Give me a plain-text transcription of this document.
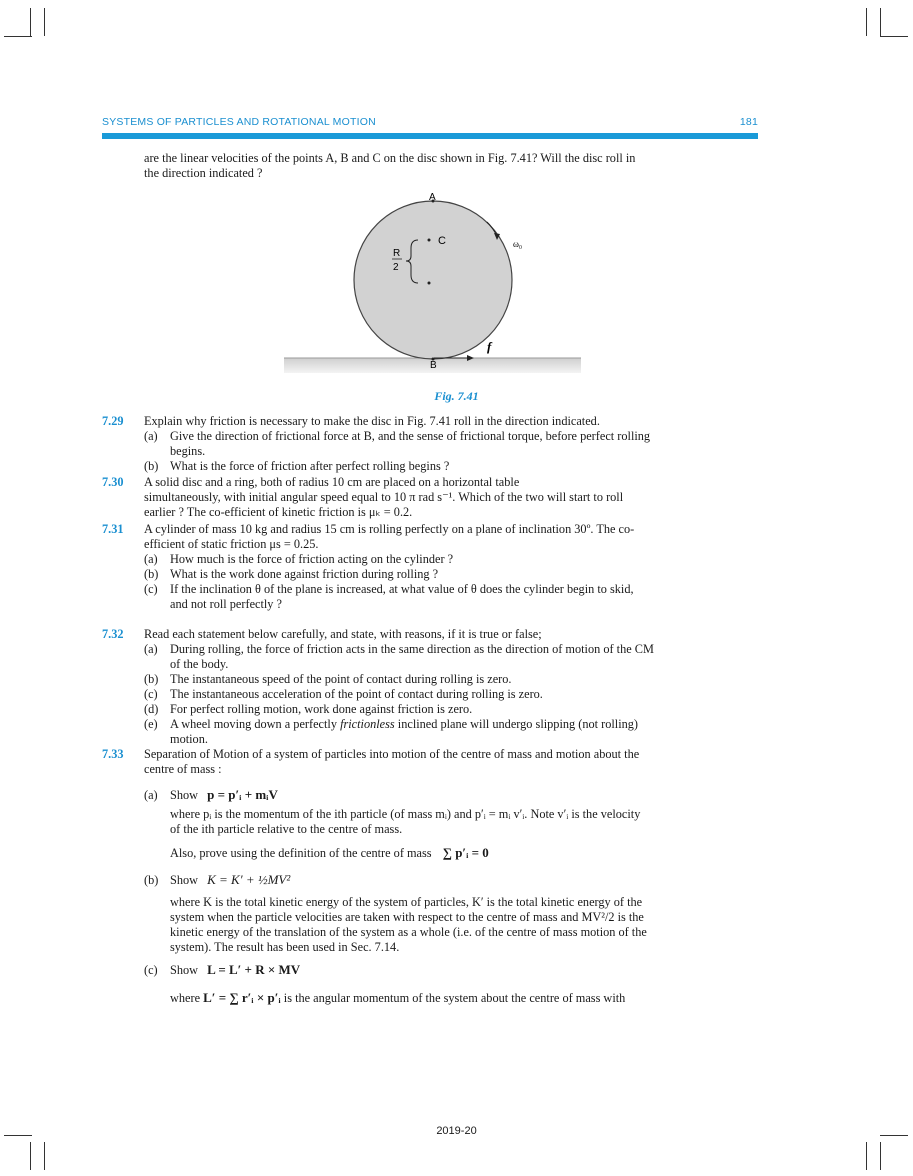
SYSTEMS OF PARTICLES AND ROTATIONAL MOTION	181
are the linear velocities of the points A, B and C on the disc shown in Fig. 7.41? Will the disc roll in
the direction indicated ?
A
B
C
R
2
ω₀
f
Fig. 7.41
7.29 Explain why friction is necessary to make the disc in Fig. 7.41 roll in the direction indicated.
(a)	Give the direction of frictional force at B, and the sense of frictional torque, before perfect rolling
begins.
(b) What is the force of friction after perfect rolling begins ?
7.30 A solid disc and a ring, both of radius 10 cm are placed on a horizontal table
simultaneously, with initial angular speed equal to 10 π rad s⁻¹. Which of the two will start to roll
earlier ? The co-efficient of kinetic friction is μₖ = 0.2.
7.31 A cylinder of mass 10 kg and radius 15 cm is rolling perfectly on a plane of inclination 30º. The co-
efficient of static friction μs = 0.25.
(a)	How much is the force of friction acting on the cylinder ?
(b) What is the work done against friction during rolling ?
(c)	If the inclination θ of the plane is increased, at what value of θ does the cylinder begin to skid,
and not roll perfectly ?
7.32 Read each statement below carefully, and state, with reasons, if it is true or false;
(a)	During rolling, the force of friction acts in the same direction as the direction of motion of the CM
of the body.
(b) The instantaneous speed of the point of contact during rolling is zero.
(c)	The instantaneous acceleration of the point of contact during rolling is zero.
(d) For perfect rolling motion, work done against friction is zero.
(e)	A wheel moving down a perfectly frictionless inclined plane will undergo slipping (not rolling)
motion.
7.33 Separation of Motion of a system of particles into motion of the centre of mass and motion about the
centre of mass :
(a) Show p = p′ᵢ + mᵢV
where pᵢ is the momentum of the ith particle (of mass mᵢ) and p′ᵢ = mᵢ v′ᵢ. Note v′ᵢ is the velocity
of the ith particle relative to the centre of mass.
Also, prove using the definition of the centre of mass ∑ p′ᵢ = 0
(b) Show K = K′ + ½MV²
where K is the total kinetic energy of the system of particles, K′ is the total kinetic energy of the
system when the particle velocities are taken with respect to the centre of mass and MV²/2 is the
kinetic energy of the translation of the system as a whole (i.e. of the centre of mass motion of the
system). The result has been used in Sec. 7.14.
(c) Show L = L′ + R × MV
where L′ = ∑ r′ᵢ × p′ᵢ is the angular momentum of the system about the centre of mass with
2019-20
